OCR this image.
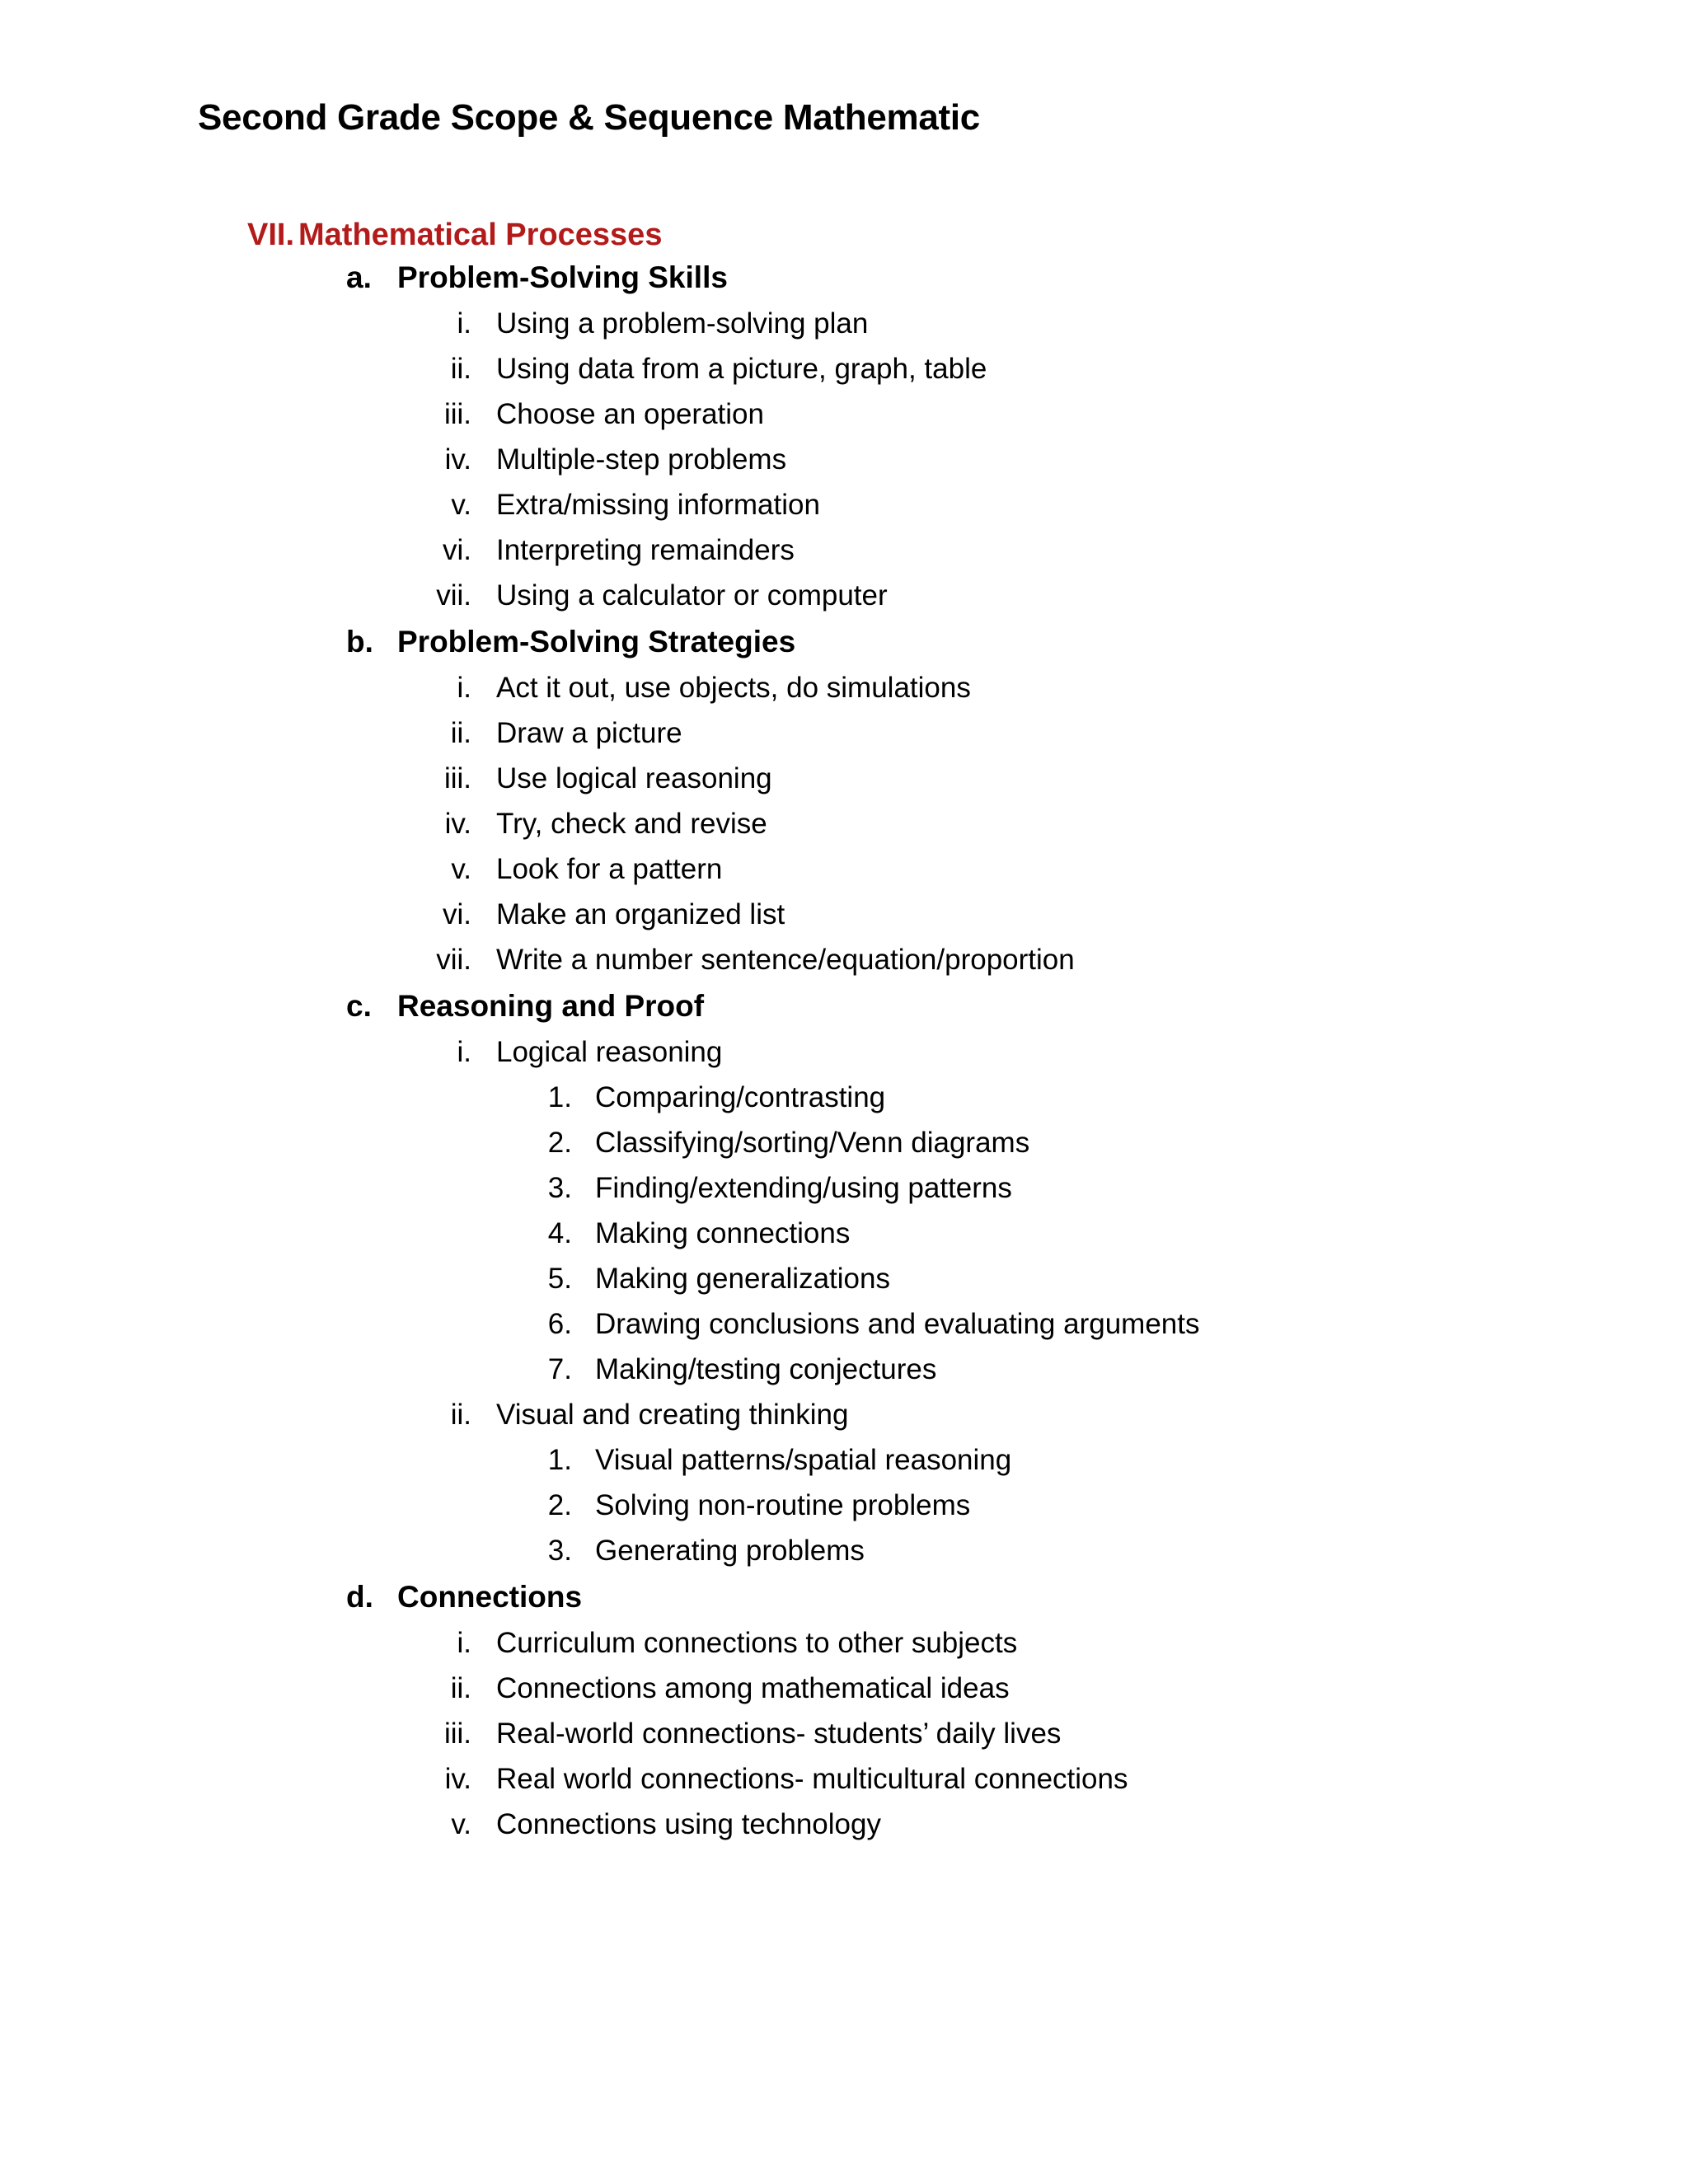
Second Grade Scope & Sequence Mathematic
VII. Mathematical Processes
a. Problem-Solving Skills
i. Using a problem-solving plan
ii. Using data from a picture, graph, table
iii. Choose an operation
iv. Multiple-step problems
v. Extra/missing information
vi. Interpreting remainders
vii. Using a calculator or computer
b. Problem-Solving Strategies
i. Act it out, use objects, do simulations
ii. Draw a picture
iii. Use logical reasoning
iv. Try, check and revise
v. Look for a pattern
vi. Make an organized list
vii. Write a number sentence/equation/proportion
c. Reasoning and Proof
i. Logical reasoning
1. Comparing/contrasting
2. Classifying/sorting/Venn diagrams
3. Finding/extending/using patterns
4. Making connections
5. Making generalizations
6. Drawing conclusions and evaluating arguments
7. Making/testing conjectures
ii. Visual and creating thinking
1. Visual patterns/spatial reasoning
2. Solving non-routine problems
3. Generating problems
d. Connections
i. Curriculum connections to other subjects
ii. Connections among mathematical ideas
iii. Real-world connections- students’ daily lives
iv. Real world connections- multicultural connections
v. Connections using technology
